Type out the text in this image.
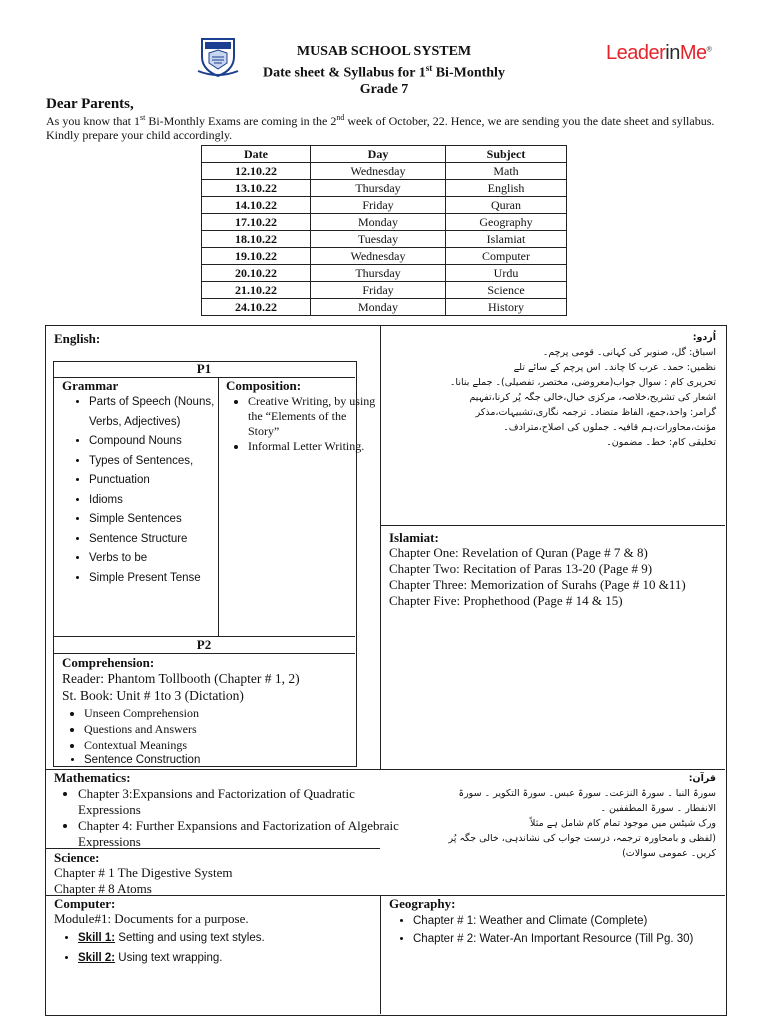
MUSAB SCHOOL SYSTEM
Date sheet & Syllabus for 1st Bi-Monthly
Grade 7
LeaderinMe®
Dear Parents,
As you know that 1st Bi-Monthly Exams are coming in the 2nd week of October, 22. Hence, we are sending you the date sheet and syllabus. Kindly prepare your child accordingly.
Date	Day	Subject
12.10.22	Wednesday	Math
13.10.22	Thursday	English
14.10.22	Friday	Quran
17.10.22	Monday	Geography
18.10.22	Tuesday	Islamiat
19.10.22	Wednesday	Computer
20.10.22	Thursday	Urdu
21.10.22	Friday	Science
24.10.22	Monday	History
English:
P1
P2
Grammar
• Parts of Speech (Nouns, Verbs, Adjectives)
• Compound Nouns
• Types of Sentences,
• Punctuation
• Idioms
• Simple Sentences
• Sentence Structure
• Verbs to be
• Simple Present Tense
Composition:
• Creative Writing, by using the “Elements of the Story”
• Informal Letter Writing.
Comprehension:
Reader: Phantom Tollbooth (Chapter # 1, 2)
St. Book: Unit # 1to 3 (Dictation)
• Unseen Comprehension
• Questions and Answers
• Contextual Meanings
• Sentence Construction
اُردو:
اسباق: گل، صنوبر کی کہانی۔ قومی پرچم۔
نظمیں: حمد۔ عرب کا چاند۔ اس پرچم کے سائے تلے
تحریری کام : سوال جواب(معروضی، مختصر، تفصیلی)۔ جملے بنانا۔
اشعار کی تشریح،خلاصہ، مرکزی خیال،خالی جگہ پُر کرنا،تفہیم
گرامر: واحد،جمع، الفاظ متضاد۔ ترجمہ نگاری،تشبیہات،مذکر
مؤنث،محاورات،ہم قافیہ۔ جملوں کی اصلاح،مترادف۔
تخلیقی کام: خط۔ مضمون۔
Islamiat:
Chapter One: Revelation of Quran (Page # 7 & 8)
Chapter Two: Recitation of Paras 13-20 (Page # 9)
Chapter Three: Memorization of Surahs (Page # 10 &11)
Chapter Five: Prophethood (Page # 14 & 15)
Mathematics:
• Chapter 3:Expansions and Factorization of Quadratic Expressions
• Chapter 4: Further Expansions and Factorization of Algebraic Expressions
قرآن:
سورۃ النبا ۔ سورۃ النزعت۔ سورۃ عبس۔ سورۃ التکویر ۔ سورۃ
الانفطار ۔ سورۃ المطففین ۔
ورک شیٹس میں موجود تمام کام شامل ہے مثلاً
(لفظی و بامحاورہ ترجمہ، درست جواب کی نشاندہی، خالی جگہ پُر
کریں۔ عمومی سوالات)
Science:
Chapter # 1 The Digestive System
Chapter # 8 Atoms
Computer:
Module#1: Documents for a purpose.
• Skill 1: Setting and using text styles.
• Skill 2: Using text wrapping.
Geography:
• Chapter # 1: Weather and Climate (Complete)
• Chapter # 2: Water-An Important Resource (Till Pg. 30)
